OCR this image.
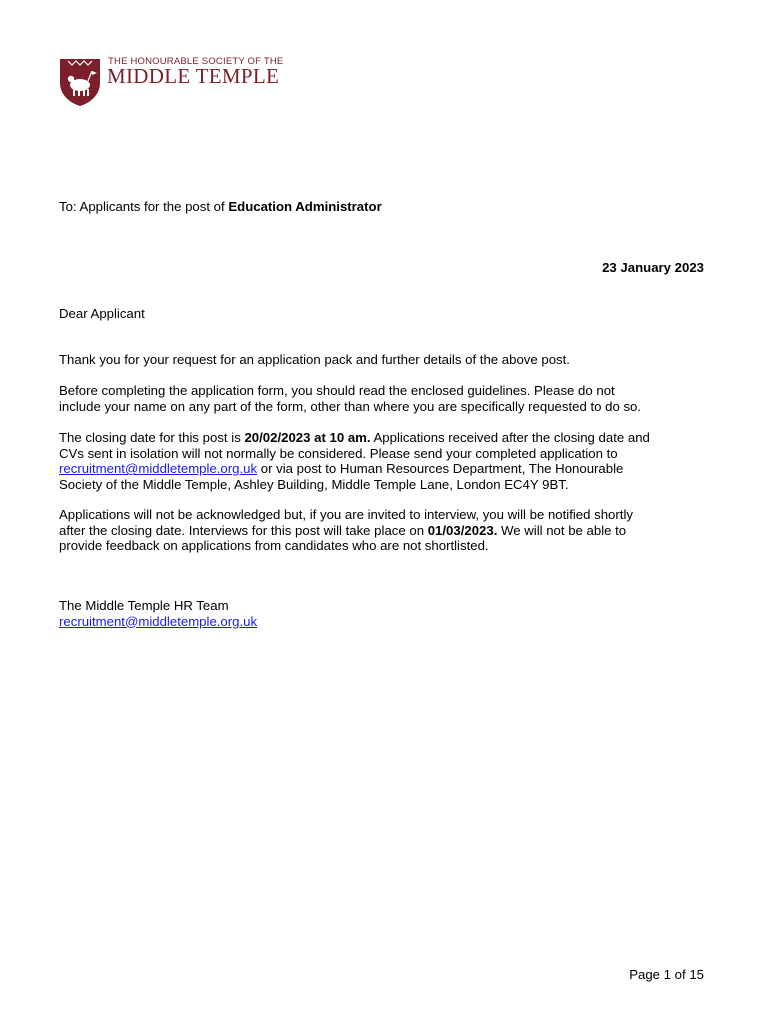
THE HONOURABLE SOCIETY OF THE
MIDDLE TEMPLE
To: Applicants for the post of Education Administrator
23 January 2023
Dear Applicant
Thank you for your request for an application pack and further details of the above post.
Before completing the application form, you should read the enclosed guidelines. Please do not
include your name on any part of the form, other than where you are specifically requested to do so.
The closing date for this post is 20/02/2023 at 10 am. Applications received after the closing date and
CVs sent in isolation will not normally be considered. Please send your completed application to
recruitment@middletemple.org.uk or via post to Human Resources Department, The Honourable
Society of the Middle Temple, Ashley Building, Middle Temple Lane, London EC4Y 9BT.
Applications will not be acknowledged but, if you are invited to interview, you will be notified shortly
after the closing date. Interviews for this post will take place on 01/03/2023. We will not be able to
provide feedback on applications from candidates who are not shortlisted.
The Middle Temple HR Team
recruitment@middletemple.org.uk
Page 1 of 15
